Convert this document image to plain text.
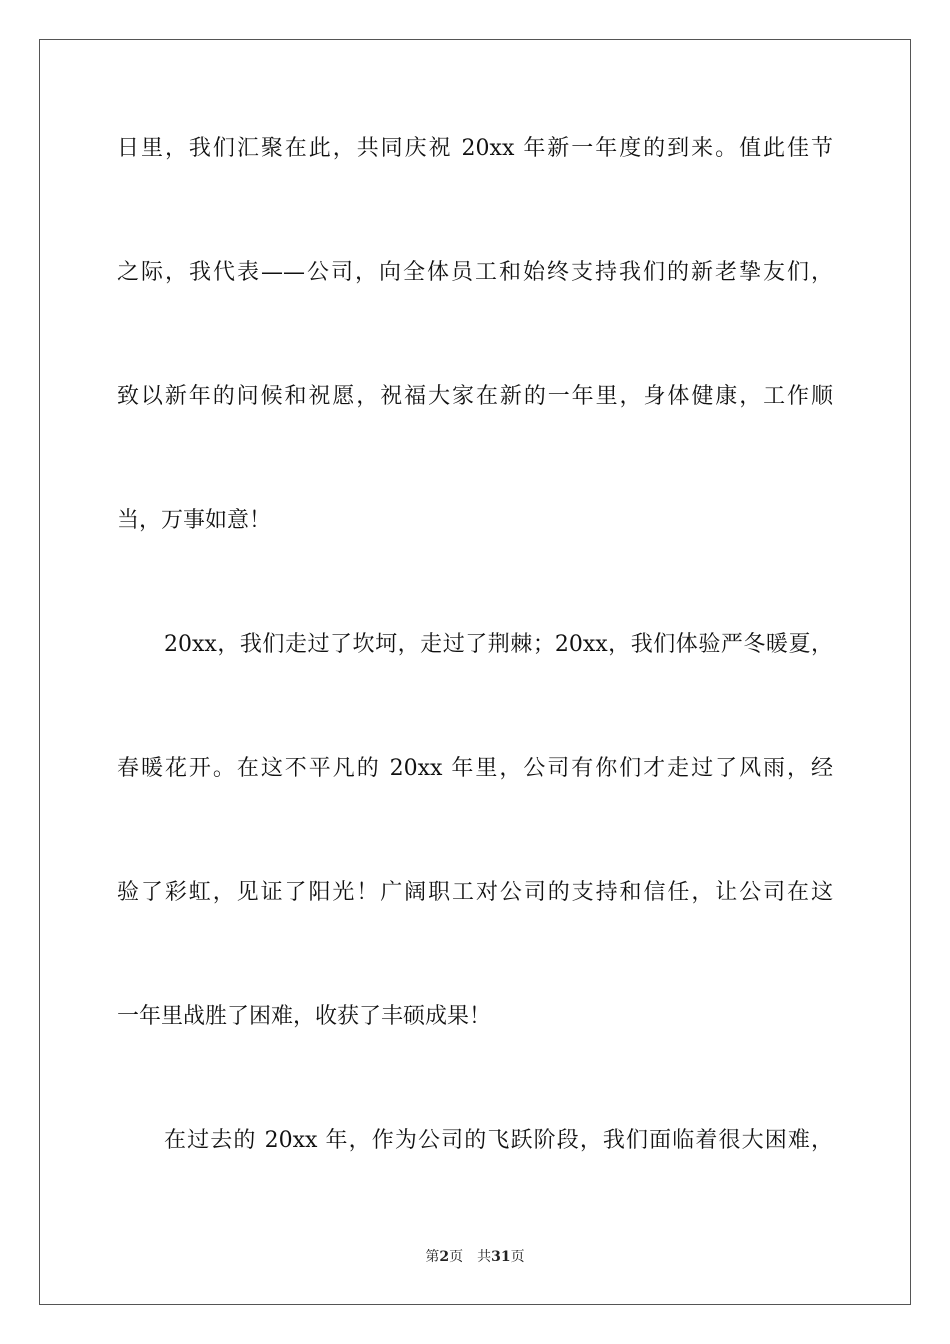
日里，我们汇聚在此，共同庆祝 20xx 年新一年度的到来。值此佳节
之际，我代表——公司，向全体员工和始终支持我们的新老挚友们，
致以新年的问候和祝愿，祝福大家在新的一年里，身体健康，工作顺
当，万事如意！
20xx，我们走过了坎坷，走过了荆棘；20xx，我们体验严冬暖夏，
春暖花开。在这不平凡的 20xx 年里，公司有你们才走过了风雨，经
验了彩虹，见证了阳光！广阔职工对公司的支持和信任，让公司在这
一年里战胜了困难，收获了丰硕成果！
在过去的 20xx 年，作为公司的飞跃阶段，我们面临着很大困难，
第2页 共31页
